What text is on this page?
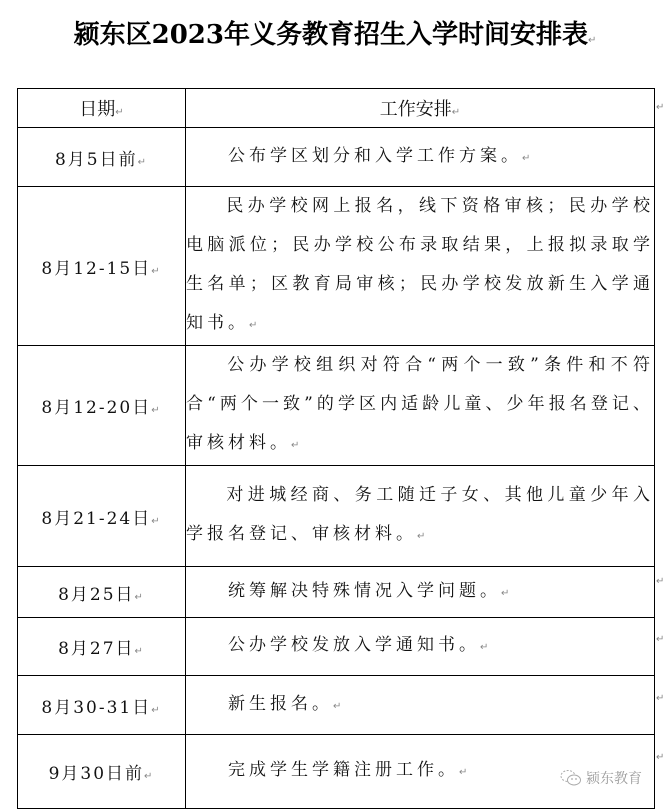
颍东区2023年义务教育招生入学时间安排表↵
日期↵	工作安排↵
8月5日前↵	公布学区划分和入学工作方案。↵
8月12-15日↵	民办学校网上报名，线下资格审核；民办学校电脑派位；民办学校公布录取结果，上报拟录取学生名单；区教育局审核；民办学校发放新生入学通知书。↵
8月12-20日↵	公办学校组织对符合“两个一致”条件和不符合“两个一致”的学区内适龄儿童、少年报名登记、审核材料。↵
8月21-24日↵	对进城经商、务工随迁子女、其他儿童少年入学报名登记、审核材料。↵
8月25日↵	统筹解决特殊情况入学问题。↵
8月27日↵	公办学校发放入学通知书。↵
8月30-31日↵	新生报名。↵
9月30日前↵	完成学生学籍注册工作。↵
↵
↵
↵
↵
↵
颍东教育
